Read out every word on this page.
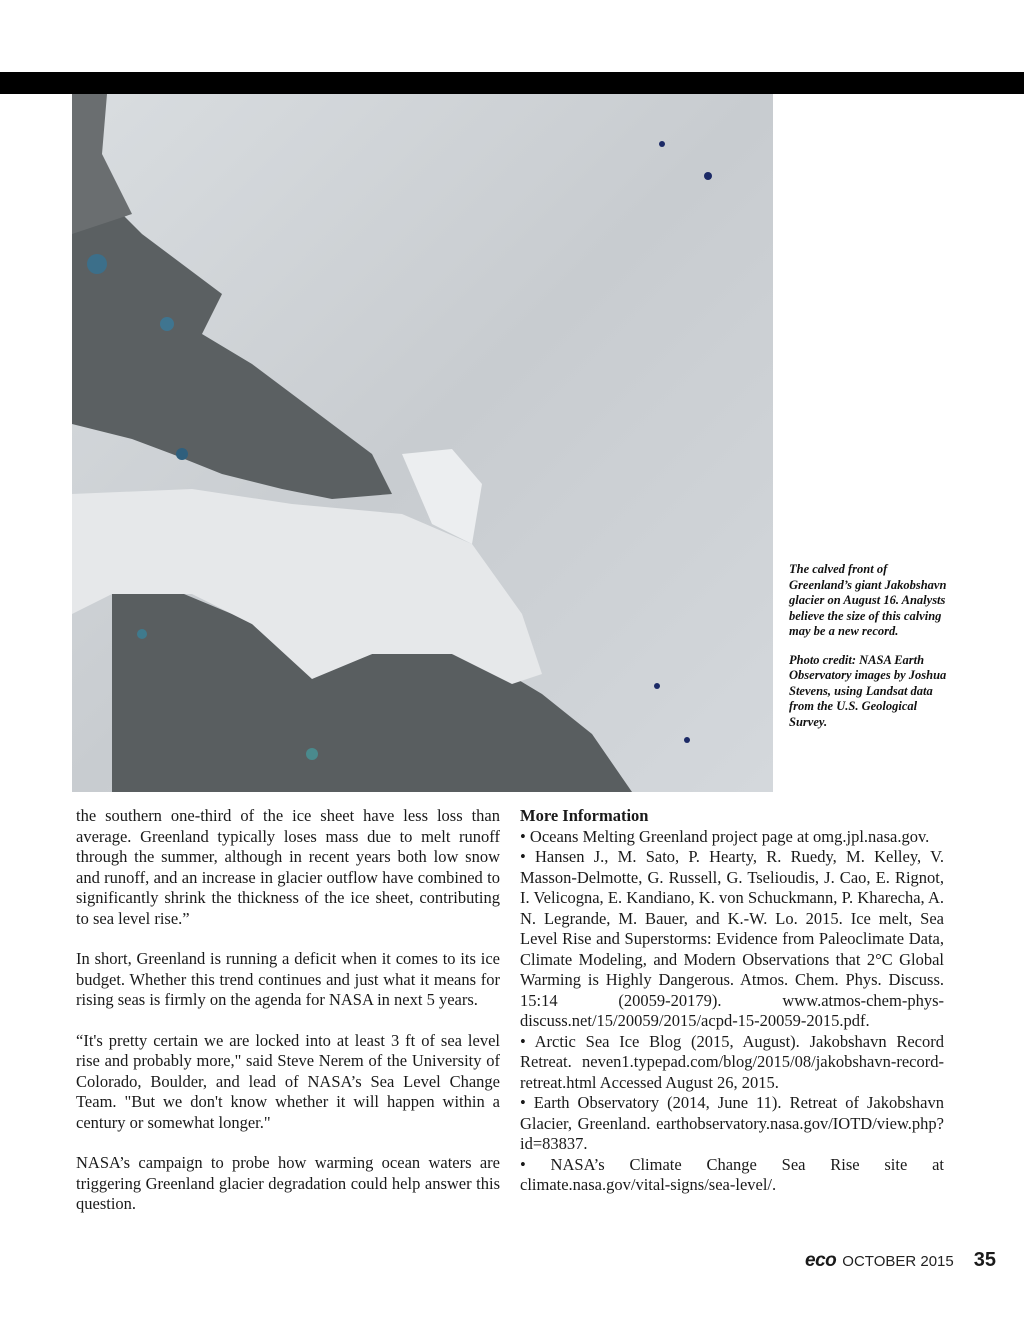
The calved front of Greenland’s giant Jakobshavn glacier on August 16. Analysts believe the size of this calving may be a new record.

Photo credit: NASA Earth Observatory images by Joshua Stevens, using Landsat data from the U.S. Geological Survey.

the southern one-third of the ice sheet have less loss than average. Greenland typically loses mass due to melt runoff through the summer, although in recent years both low snow and runoff, and an increase in glacier outflow have combined to significantly shrink the thickness of the ice sheet, contributing to sea level rise.”

In short, Greenland is running a deficit when it comes to its ice budget. Whether this trend continues and just what it means for rising seas is firmly on the agenda for NASA in next 5 years.

“It's pretty certain we are locked into at least 3 ft of sea level rise and probably more," said Steve Nerem of the University of Colorado, Boulder, and lead of NASA’s Sea Level Change Team. "But we don't know whether it will happen within a century or somewhat longer."

NASA’s campaign to probe how warming ocean waters are triggering Greenland glacier degradation could help answer this question.

More Information

• Oceans Melting Greenland project page at omg.jpl.nasa.gov.

• Hansen J., M. Sato, P. Hearty, R. Ruedy, M. Kelley, V. Masson-Delmotte, G. Russell, G. Tselioudis, J. Cao, E. Rignot, I. Velicogna, E. Kandiano, K. von Schuckmann, P. Kharecha, A. N. Legrande, M. Bauer, and K.-W. Lo. 2015. Ice melt, Sea Level Rise and Superstorms: Evidence from Paleoclimate Data, Climate Modeling, and Modern Observations that 2°C Global Warming is Highly Dangerous. Atmos. Chem. Phys. Discuss. 15:14 (20059-20179). www.atmos-chem-phys-discuss.net/15/20059/2015/acpd-15-20059-2015.pdf.

• Arctic Sea Ice Blog (2015, August). Jakobshavn Record Retreat. neven1.typepad.com/blog/2015/08/jakobshavn-record-retreat.html Accessed August 26, 2015.

• Earth Observatory (2014, June 11). Retreat of Jakobshavn Glacier, Greenland. earthobservatory.nasa.gov/IOTD/view.php?id=83837.

• NASA’s Climate Change Sea Rise site at climate.nasa.gov/vital-signs/sea-level/.

eco OCTOBER 2015 35
